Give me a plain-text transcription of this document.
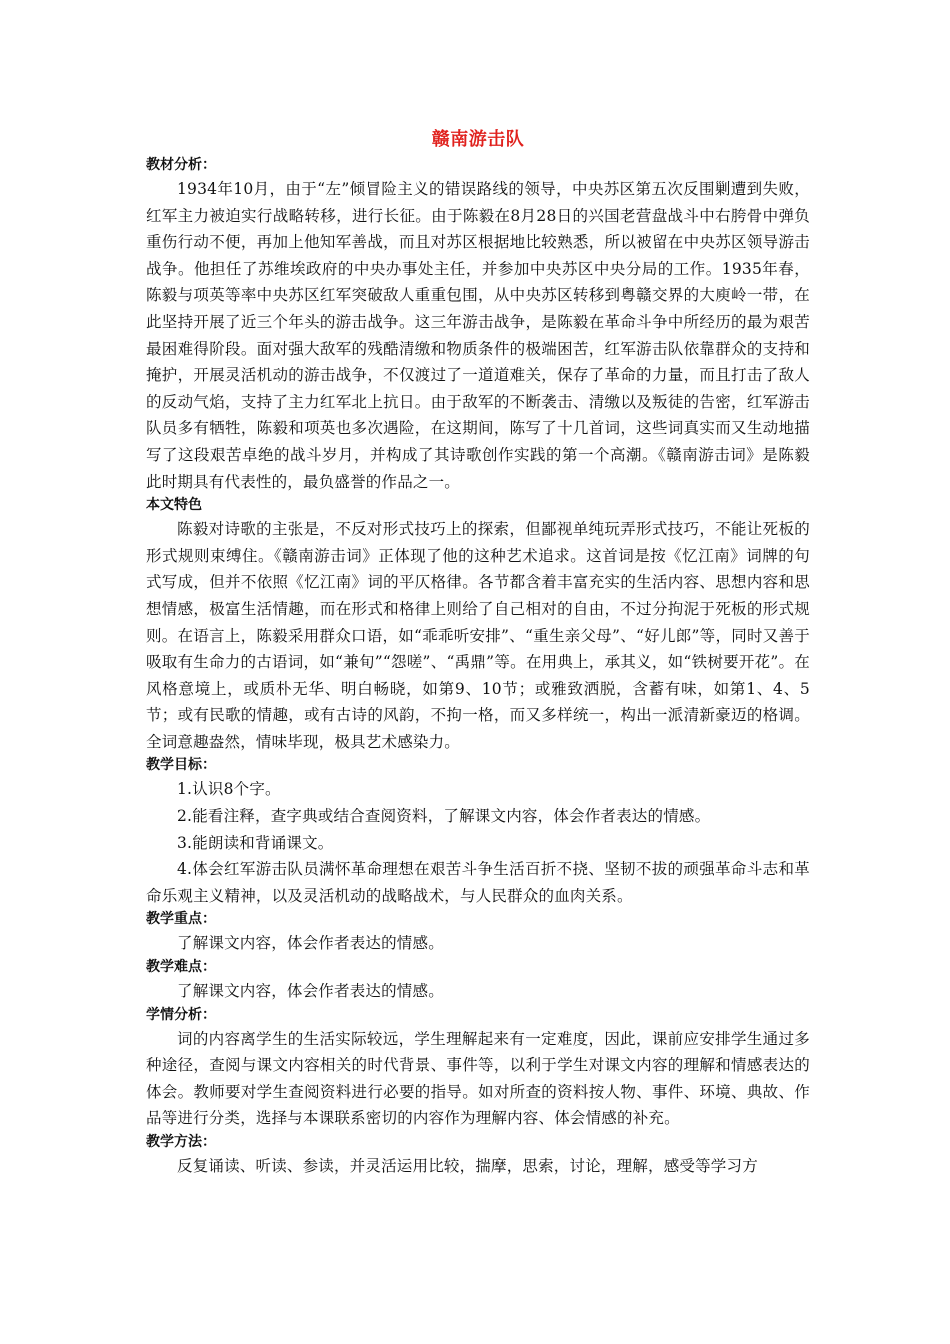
赣南游击队
教材分析：

1934年10月，由于“左”倾冒险主义的错误路线的领导，中央苏区第五次反围剿遭到失败，红军主力被迫实行战略转移，进行长征。由于陈毅在8月28日的兴国老营盘战斗中右胯骨中弹负重伤行动不便，再加上他知军善战，而且对苏区根据地比较熟悉，所以被留在中央苏区领导游击战争。他担任了苏维埃政府的中央办事处主任，并参加中央苏区中央分局的工作。1935年春，陈毅与项英等率中央苏区红军突破敌人重重包围，从中央苏区转移到粤赣交界的大庾岭一带，在此坚持开展了近三个年头的游击战争。这三年游击战争，是陈毅在革命斗争中所经历的最为艰苦最困难得阶段。面对强大敌军的残酷清缴和物质条件的极端困苦，红军游击队依靠群众的支持和掩护，开展灵活机动的游击战争，不仅渡过了一道道难关，保存了革命的力量，而且打击了敌人的反动气焰，支持了主力红军北上抗日。由于敌军的不断袭击、清缴以及叛徒的告密，红军游击队员多有牺牲，陈毅和项英也多次遇险，在这期间，陈写了十几首词，这些词真实而又生动地描写了这段艰苦卓绝的战斗岁月，并构成了其诗歌创作实践的第一个高潮。《赣南游击词》是陈毅此时期具有代表性的，最负盛誉的作品之一。

本文特色

陈毅对诗歌的主张是，不反对形式技巧上的探索，但鄙视单纯玩弄形式技巧，不能让死板的形式规则束缚住。《赣南游击词》正体现了他的这种艺术追求。这首词是按《忆江南》词牌的句式写成，但并不依照《忆江南》词的平仄格律。各节都含着丰富充实的生活内容、思想内容和思想情感，极富生活情趣，而在形式和格律上则给了自己相对的自由，不过分拘泥于死板的形式规则。在语言上，陈毅采用群众口语，如“乖乖听安排”、“重生亲父母”、“好儿郎”等，同时又善于吸取有生命力的古语词，如“兼旬”“怨嗟”、“禹鼎”等。在用典上，承其义，如“铁树要开花”。在风格意境上，或质朴无华、明白畅晓，如第9、10节；或雅致洒脱，含蓄有味，如第1、4、5节；或有民歌的情趣，或有古诗的风韵，不拘一格，而又多样统一，构出一派清新豪迈的格调。全词意趣盎然，情味毕现，极具艺术感染力。

教学目标：

1.认识8个字。

2.能看注释，查字典或结合查阅资料，了解课文内容，体会作者表达的情感。

3.能朗读和背诵课文。

4.体会红军游击队员满怀革命理想在艰苦斗争生活百折不挠、坚韧不拔的顽强革命斗志和革命乐观主义精神，以及灵活机动的战略战术，与人民群众的血肉关系。

教学重点：

了解课文内容，体会作者表达的情感。

教学难点：

了解课文内容，体会作者表达的情感。

学情分析：

词的内容离学生的生活实际较远，学生理解起来有一定难度，因此，课前应安排学生通过多种途径，查阅与课文内容相关的时代背景、事件等，以利于学生对课文内容的理解和情感表达的体会。教师要对学生查阅资料进行必要的指导。如对所查的资料按人物、事件、环境、典故、作品等进行分类，选择与本课联系密切的内容作为理解内容、体会情感的补充。

教学方法：

反复诵读、听读、参读，并灵活运用比较，揣摩，思索，讨论，理解，感受等学习方
